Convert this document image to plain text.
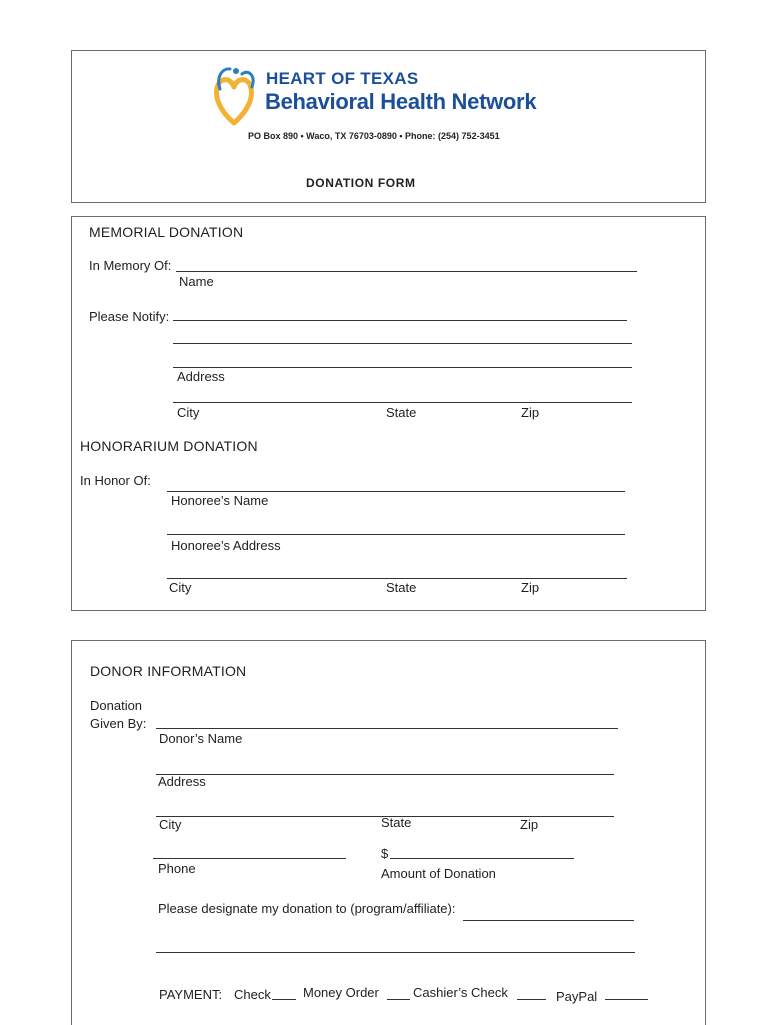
HEART OF TEXAS
Behavioral Health Network
PO Box 890 • Waco, TX 76703-0890 • Phone: (254) 752-3451
DONATION FORM
MEMORIAL DONATION
In Memory Of:
Name
Please Notify:
Address
City	State	Zip
HONORARIUM DONATION
In Honor Of:
Honoree’s Name
Honoree’s Address
City	State	Zip
DONOR INFORMATION
Donation
Given By:
Donor’s Name
Address
City	State	Zip
Phone
$
Amount of Donation
Please designate my donation to (program/affiliate):
PAYMENT: Check Money Order	Cashier’s Check	PayPal
